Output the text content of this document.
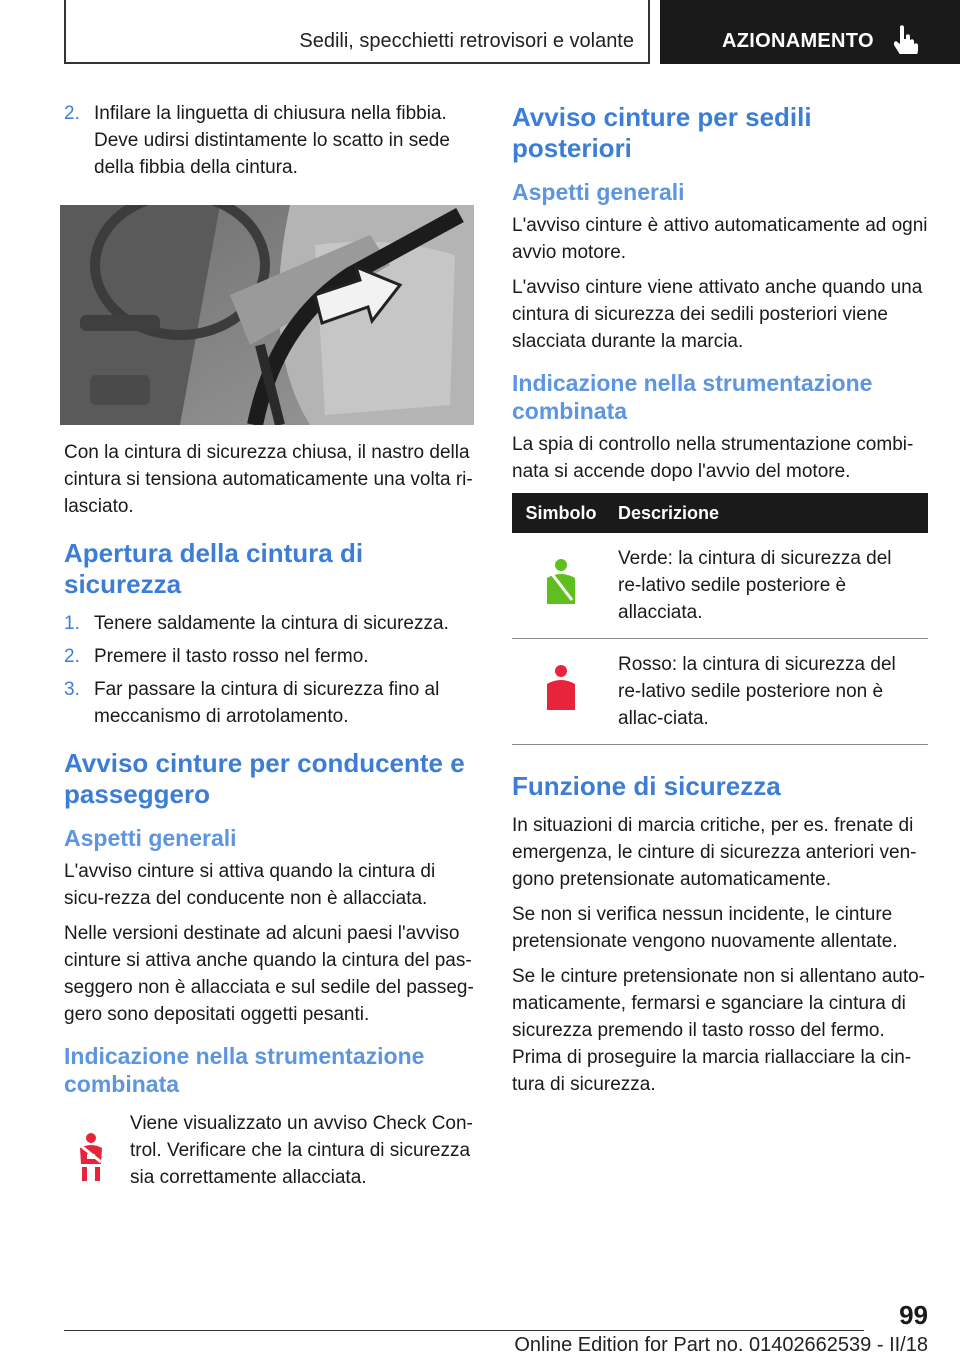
Sedili, specchietti retrovisori e volante	AZIONAMENTO
2. Infilare la linguetta di chiusura nella fibbia. Deve udirsi distintamente lo scatto in sede della fibbia della cintura.

Con la cintura di sicurezza chiusa, il nastro della cintura si tensiona automaticamente una volta ri-lasciato.

Apertura della cintura di sicurezza
1. Tenere saldamente la cintura di sicurezza.
2. Premere il tasto rosso nel fermo.
3. Far passare la cintura di sicurezza fino al meccanismo di arrotolamento.
Avviso cinture per conducente e passeggero
Aspetti generali

L'avviso cinture si attiva quando la cintura di sicu-rezza del conducente non è allacciata.

Nelle versioni destinate ad alcuni paesi l'avviso cinture si attiva anche quando la cintura del pas-seggero non è allacciata e sul sedile del passeg-gero sono depositati oggetti pesanti.

Indicazione nella strumentazione combinata

Viene visualizzato un avviso Check Con-trol. Verificare che la cintura di sicurezza sia correttamente allacciata.

Avviso cinture per sedili posteriori
Aspetti generali

L'avviso cinture è attivo automaticamente ad ogni avvio motore.

L'avviso cinture viene attivato anche quando una cintura di sicurezza dei sedili posteriori viene slacciata durante la marcia.

Indicazione nella strumentazione combinata

La spia di controllo nella strumentazione combi-nata si accende dopo l'avvio del motore.

Simbolo	Descrizione
	Verde: la cintura di sicurezza del re-lativo sedile posteriore è allacciata.
	Rosso: la cintura di sicurezza del re-lativo sedile posteriore non è allac-ciata.
Funzione di sicurezza

In situazioni di marcia critiche, per es. frenate di emergenza, le cinture di sicurezza anteriori ven-gono pretensionate automaticamente.

Se non si verifica nessun incidente, le cinture pretensionate vengono nuovamente allentate.

Se le cinture pretensionate non si allentano auto-maticamente, fermarsi e sganciare la cintura di sicurezza premendo il tasto rosso del fermo. Prima di proseguire la marcia riallacciare la cin-tura di sicurezza.

99
Online Edition for Part no. 01402662539 - II/18
